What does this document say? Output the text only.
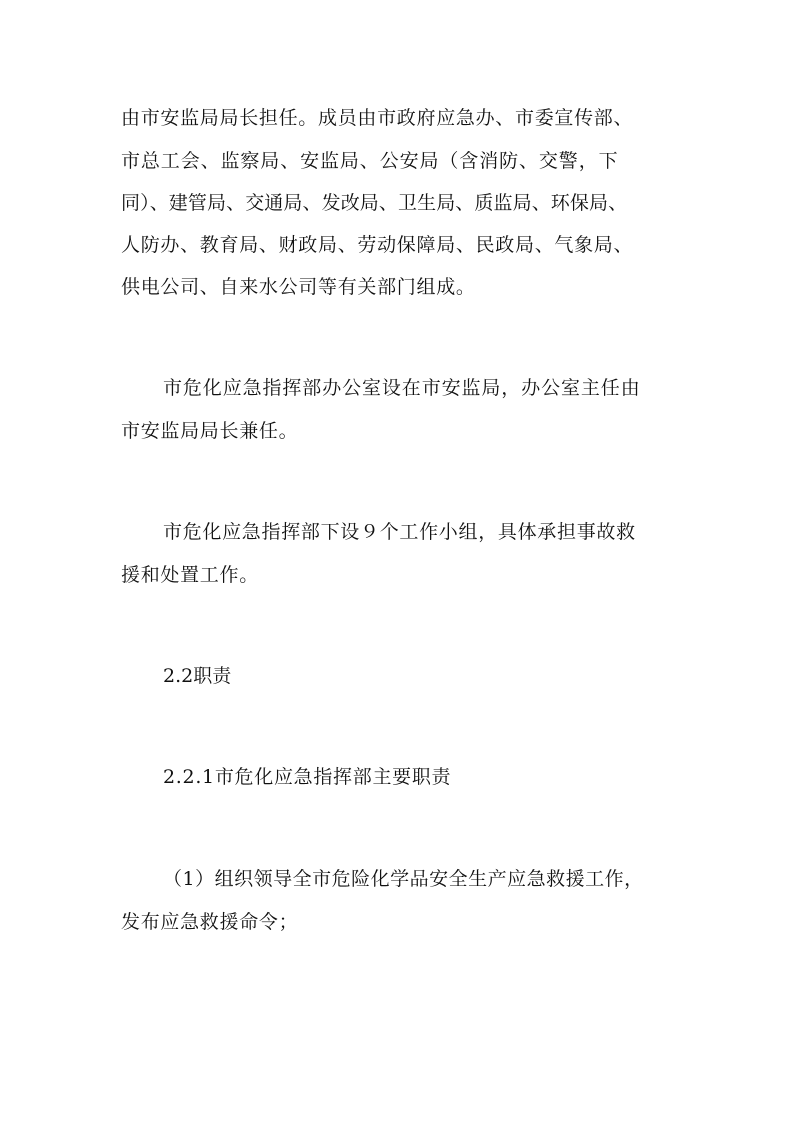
由市安监局局长担任。成员由市政府应急办、市委宣传部、

市总工会、监察局、安监局、公安局（含消防、交警，下

同）、建管局、交通局、发改局、卫生局、质监局、环保局、

人防办、教育局、财政局、劳动保障局、民政局、气象局、

供电公司、自来水公司等有关部门组成。

市危化应急指挥部办公室设在市安监局，办公室主任由

市安监局局长兼任。

市危化应急指挥部下设９个工作小组，具体承担事故救

援和处置工作。

2.2职责

2.2.1市危化应急指挥部主要职责

（1）组织领导全市危险化学品安全生产应急救援工作，

发布应急救援命令；
